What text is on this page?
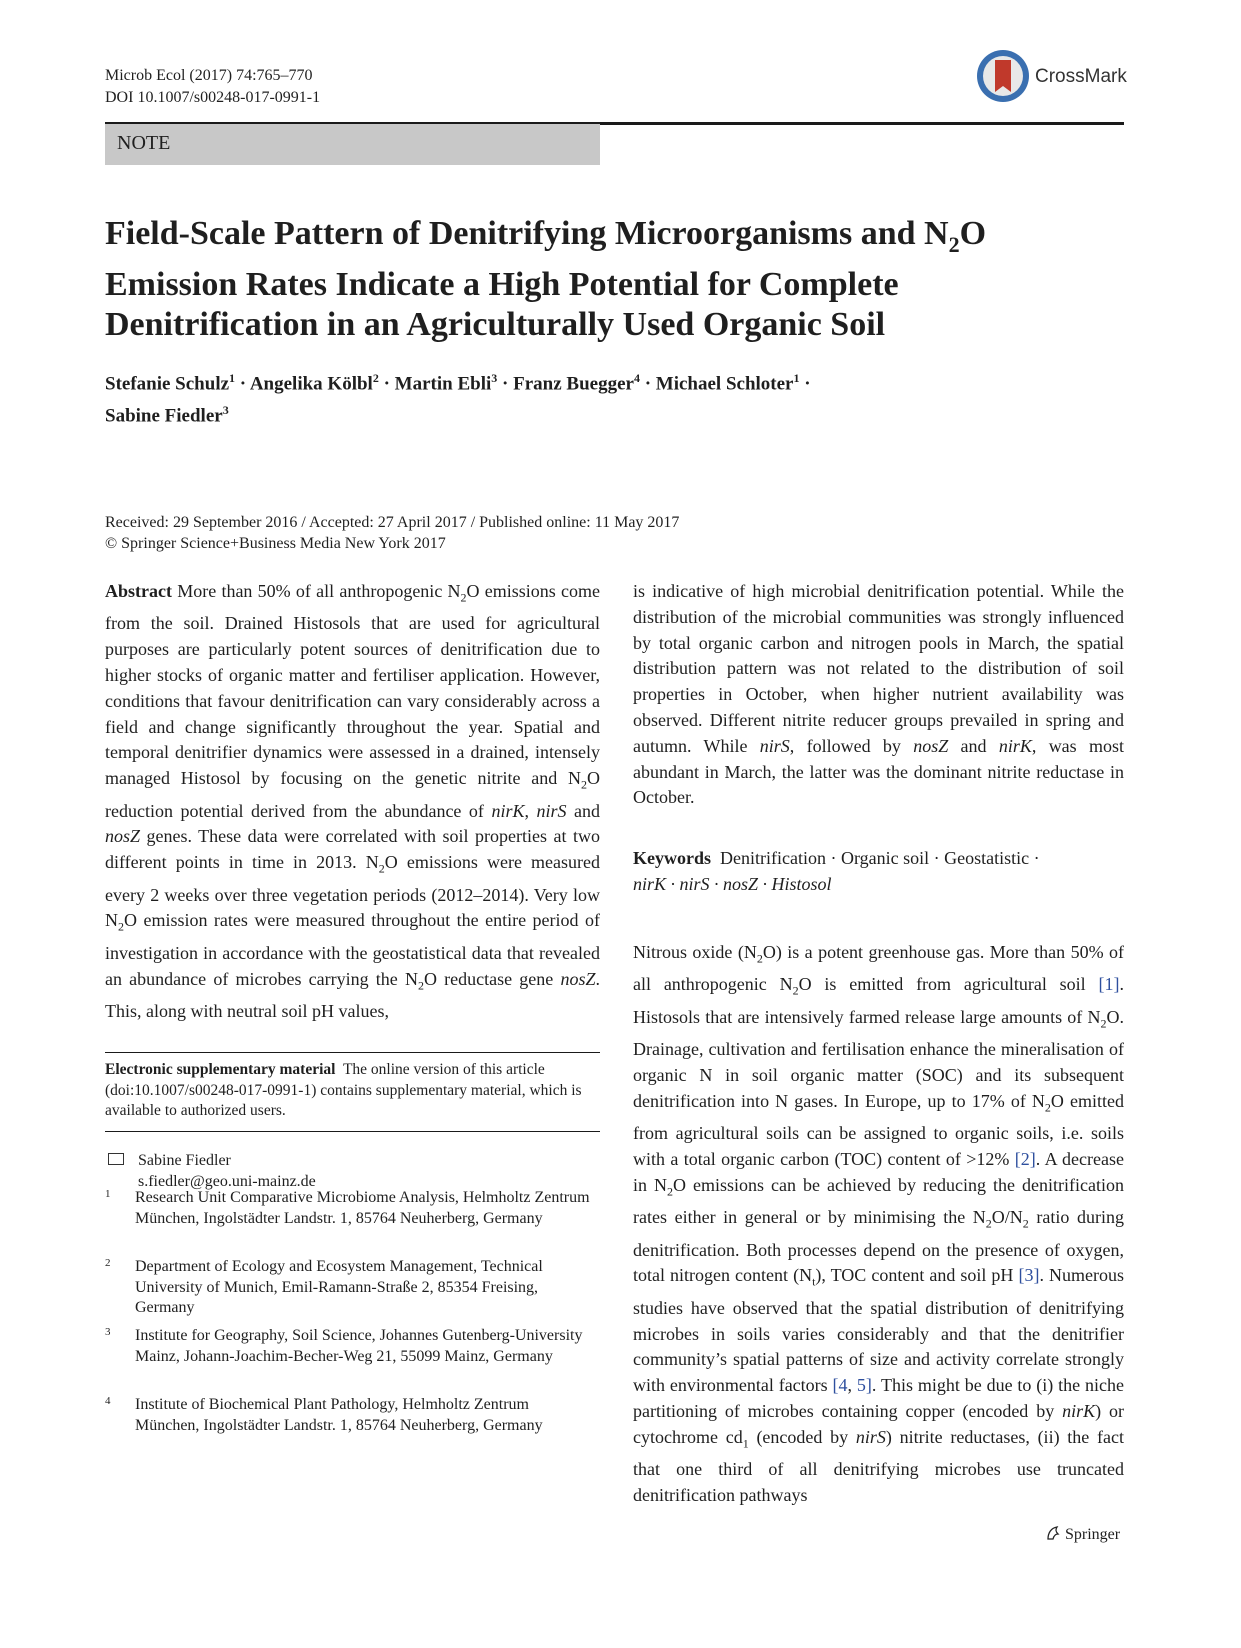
Microb Ecol (2017) 74:765–770
DOI 10.1007/s00248-017-0991-1
CrossMark
NOTE
Field-Scale Pattern of Denitrifying Microorganisms and $N_2O$
Emission Rates Indicate a High Potential for Complete
Denitrification in an Agriculturally Used Organic Soil
Stefanie Schulz$^1$ · Angelika Kölbl$^2$ · Martin Ebli$^3$ · Franz Buegger$^4$ · Michael Schloter$^1$ ·
Sabine Fiedler$^3$
Received: 29 September 2016 / Accepted: 27 April 2017 / Published online: 11 May 2017
© Springer Science+Business Media New York 2017

Abstract More than 50% of all anthropogenic $N_2O$ emissions come from the soil. Drained Histosols that are used for agricultural purposes are particularly potent sources of denitrification due to higher stocks of organic matter and fertiliser application. However, conditions that favour denitrification can vary considerably across a field and change significantly throughout the year. Spatial and temporal denitrifier dynamics were assessed in a drained, intensely managed Histosol by focusing on the genetic nitrite and $N_2O$ reduction potential derived from the abundance of nirK, nirS and nosZ genes. These data were correlated with soil properties at two different points in time in 2013. $N_2O$ emissions were measured every 2 weeks over three vegetation periods (2012–2014). Very low $N_2O$ emission rates were measured throughout the entire period of investigation in accordance with the geostatistical data that revealed an abundance of microbes carrying the $N_2O$ reductase gene nosZ. This, along with neutral soil pH values,

is indicative of high microbial denitrification potential. While the distribution of the microbial communities was strongly influenced by total organic carbon and nitrogen pools in March, the spatial distribution pattern was not related to the distribution of soil properties in October, when higher nutrient availability was observed. Different nitrite reducer groups prevailed in spring and autumn. While nirS, followed by nosZ and nirK, was most abundant in March, the latter was the dominant nitrite reductase in October.

Keywords Denitrification · Organic soil · Geostatistic ·
nirK · nirS · nosZ · Histosol

Nitrous oxide $(N_2O)$ is a potent greenhouse gas. More than 50% of all anthropogenic $N_2O$ is emitted from agricultural soil [1]. Histosols that are intensively farmed release large amounts of $N_2O$. Drainage, cultivation and fertilisation enhance the mineralisation of organic N in soil organic matter (SOC) and its subsequent denitrification into N gases. In Europe, up to 17% of $N_2O$ emitted from agricultural soils can be assigned to organic soils, i.e. soils with a total organic carbon (TOC) content of >12% [2]. A decrease in $N_2O$ emissions can be achieved by reducing the denitrification rates either in general or by minimising the $N_2O/N_2$ ratio during denitrification. Both processes depend on the presence of oxygen, total nitrogen content $(N_t)$, TOC content and soil pH [3]. Numerous studies have observed that the spatial distribution of denitrifying microbes in soils varies considerably and that the denitrifier community’s spatial patterns of size and activity correlate strongly with environmental factors [4, 5]. This might be due to (i) the niche partitioning of microbes containing copper (encoded by nirK) or cytochrome $cd_1$ (encoded by nirS) nitrite reductases, (ii) the fact that one third of all denitrifying microbes use truncated denitrification pathways

Electronic supplementary material The online version of this article (doi:10.1007/s00248-017-0991-1) contains supplementary material, which is available to authorized users.
Sabine Fiedler
s.fiedler@geo.uni-mainz.de
1 Research Unit Comparative Microbiome Analysis, Helmholtz Zentrum München, Ingolstädter Landstr. 1, 85764 Neuherberg, Germany
2 Department of Ecology and Ecosystem Management, Technical University of Munich, Emil-Ramann-Straße 2, 85354 Freising, Germany
3 Institute for Geography, Soil Science, Johannes Gutenberg-University Mainz, Johann-Joachim-Becher-Weg 21, 55099 Mainz, Germany
4 Institute of Biochemical Plant Pathology, Helmholtz Zentrum München, Ingolstädter Landstr. 1, 85764 Neuherberg, Germany
Springer
